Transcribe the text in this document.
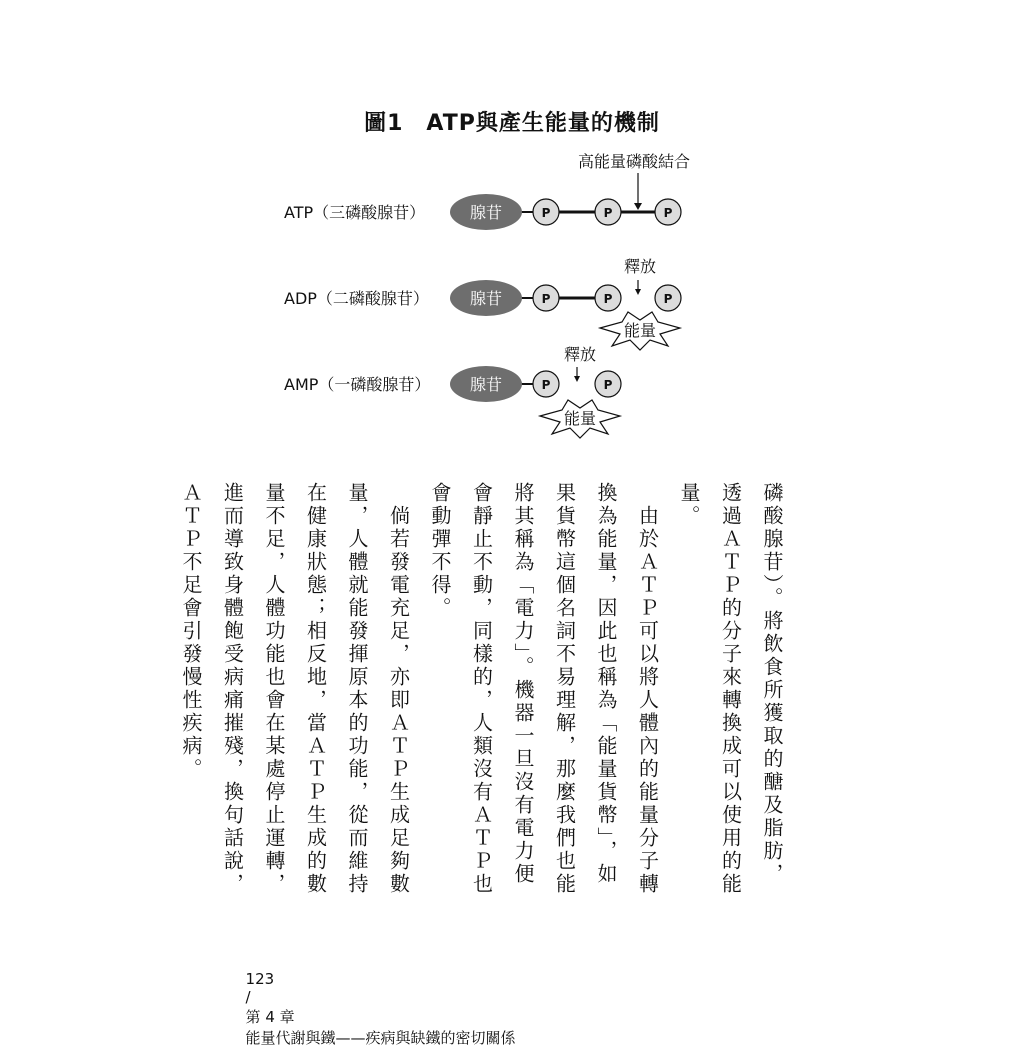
圖1　ATP與產生能量的機制
高能量磷酸結合
ATP（三磷酸腺苷）	腺苷	P	P	P
ADP（二磷酸腺苷）
釋放
腺苷	P	P	P
能量
AMP（一磷酸腺苷）
釋放
腺苷	P	P
能量

磷酸腺苷）。將飲食所獲取的醣及脂肪，透過ＡＴＰ的分子來轉換成可以使用的能量。

　由於ＡＴＰ可以將人體內的能量分子轉換為能量，因此也稱為「能量貨幣」，如果貨幣這個名詞不易理解，那麼我們也能將其稱為「電力」。機器一旦沒有電力便會靜止不動，同樣的，人類沒有ＡＴＰ也會動彈不得。

　倘若發電充足，亦即ＡＴＰ生成足夠數量，人體就能發揮原本的功能，從而維持在健康狀態；相反地，當ＡＴＰ生成的數量不足，人體功能也會在某處停止運轉，進而導致身體飽受病痛摧殘，換句話說，ＡＴＰ不足會引發慢性疾病。

123
/
第 4 章
能量代謝與鐵——疾病與缺鐵的密切關係
